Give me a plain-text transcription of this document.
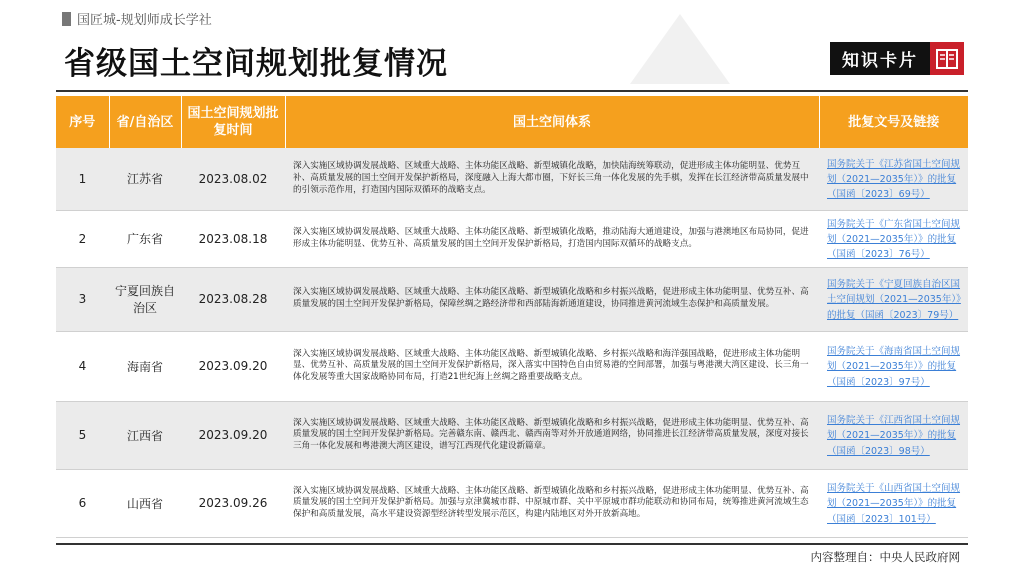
国匠城-规划师成长学社
省级国土空间规划批复情况	知识卡片
序号	省/自治区	国土空间规划批复时间	国土空间体系	批复文号及链接
1	江苏省	2023.08.02	深入实施区域协调发展战略、区域重大战略、主体功能区战略、新型城镇化战略，加快陆海统筹联动，促进形成主体功能明显、优势互补、高质量发展的国土空间开发保护新格局，深度融入上海大都市圈，下好长三角一体化发展的先手棋，发挥在长江经济带高质量发展中的引领示范作用，打造国内国际双循环的战略支点。	国务院关于《江苏省国土空间规划（2021—2035年）》的批复（国函〔2023〕69号）
2	广东省	2023.08.18	深入实施区域协调发展战略、区域重大战略、主体功能区战略、新型城镇化战略，推动陆海大通道建设，加强与港澳地区布局协同，促进形成主体功能明显、优势互补、高质量发展的国土空间开发保护新格局，打造国内国际双循环的战略支点。	国务院关于《广东省国土空间规划（2021—2035年）》的批复（国函〔2023〕76号）
3	宁夏回族自治区	2023.08.28	深入实施区域协调发展战略、区域重大战略、主体功能区战略、新型城镇化战略和乡村振兴战略，促进形成主体功能明显、优势互补、高质量发展的国土空间开发保护新格局，保障丝绸之路经济带和西部陆海新通道建设，协同推进黄河流域生态保护和高质量发展。	国务院关于《宁夏回族自治区国土空间规划（2021—2035年）》的批复（国函〔2023〕79号）
4	海南省	2023.09.20	深入实施区域协调发展战略、区域重大战略、主体功能区战略、新型城镇化战略、乡村振兴战略和海洋强国战略，促进形成主体功能明显、优势互补、高质量发展的国土空间开发保护新格局，深入落实中国特色自由贸易港的空间部署，加强与粤港澳大湾区建设、长三角一体化发展等重大国家战略协同布局，打造21世纪海上丝绸之路重要战略支点。	国务院关于《海南省国土空间规划（2021—2035年）》的批复（国函〔2023〕97号）
5	江西省	2023.09.20	深入实施区域协调发展战略、区域重大战略、主体功能区战略、新型城镇化战略和乡村振兴战略，促进形成主体功能明显、优势互补、高质量发展的国土空间开发保护新格局。完善赣东南、赣西北、赣西南等对外开放通道网络，协同推进长江经济带高质量发展，深度对接长三角一体化发展和粤港澳大湾区建设，谱写江西现代化建设新篇章。	国务院关于《江西省国土空间规划（2021—2035年）》的批复（国函〔2023〕98号）
6	山西省	2023.09.26	深入实施区域协调发展战略、区域重大战略、主体功能区战略、新型城镇化战略和乡村振兴战略，促进形成主体功能明显、优势互补、高质量发展的国土空间开发保护新格局。加强与京津冀城市群、中原城市群、关中平原城市群功能联动和协同布局，统筹推进黄河流域生态保护和高质量发展，高水平建设资源型经济转型发展示范区，构建内陆地区对外开放新高地。	国务院关于《山西省国土空间规划（2021—2035年）》的批复（国函〔2023〕101号）
内容整理自：中央人民政府网
